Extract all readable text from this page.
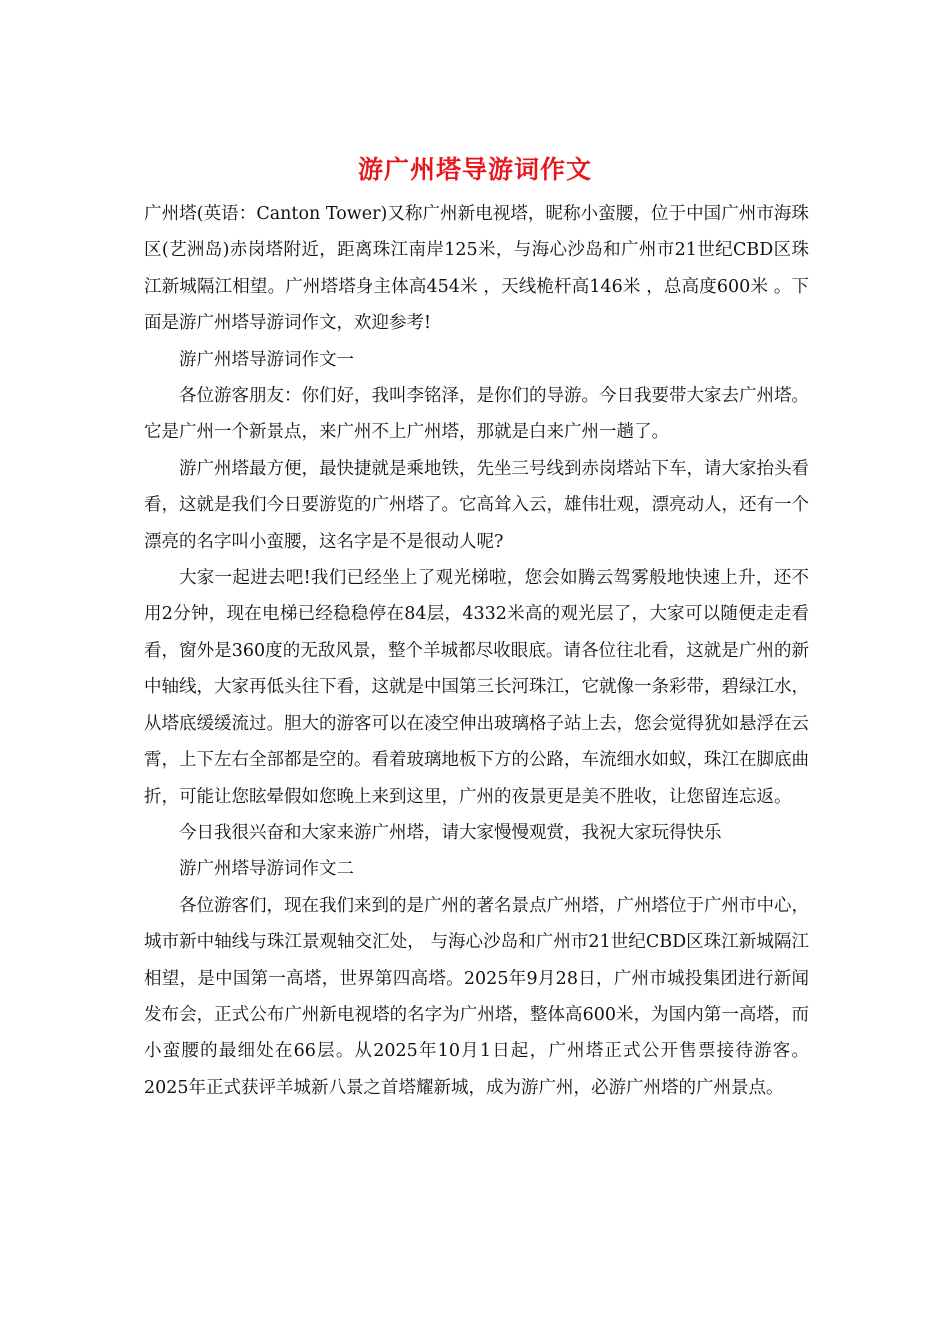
游广州塔导游词作文

广州塔(英语：Canton Tower)又称广州新电视塔，昵称小蛮腰，位于中国广州市海珠区(艺洲岛)赤岗塔附近，距离珠江南岸125米，与海心沙岛和广州市21世纪CBD区珠江新城隔江相望。广州塔塔身主体高454米 ，天线桅杆高146米 ，总高度600米 。下面是游广州塔导游词作文，欢迎参考!

游广州塔导游词作文一

各位游客朋友：你们好，我叫李铭泽，是你们的导游。今日我要带大家去广州塔。它是广州一个新景点，来广州不上广州塔，那就是白来广州一趟了。

游广州塔最方便，最快捷就是乘地铁，先坐三号线到赤岗塔站下车，请大家抬头看看，这就是我们今日要游览的广州塔了。它高耸入云，雄伟壮观，漂亮动人，还有一个漂亮的名字叫小蛮腰，这名字是不是很动人呢?

大家一起进去吧!我们已经坐上了观光梯啦，您会如腾云驾雾般地快速上升，还不用2分钟，现在电梯已经稳稳停在84层，4332米高的观光层了，大家可以随便走走看看，窗外是360度的无敌风景，整个羊城都尽收眼底。请各位往北看，这就是广州的新中轴线，大家再低头往下看，这就是中国第三长河珠江，它就像一条彩带，碧绿江水，从塔底缓缓流过。胆大的游客可以在凌空伸出玻璃格子站上去，您会觉得犹如悬浮在云霄，上下左右全部都是空的。看着玻璃地板下方的公路，车流细水如蚁，珠江在脚底曲折，可能让您眩晕假如您晚上来到这里，广州的夜景更是美不胜收，让您留连忘返。

今日我很兴奋和大家来游广州塔，请大家慢慢观赏，我祝大家玩得快乐

游广州塔导游词作文二

各位游客们，现在我们来到的是广州的著名景点广州塔，广州塔位于广州市中心，城市新中轴线与珠江景观轴交汇处， 与海心沙岛和广州市21世纪CBD区珠江新城隔江相望，是中国第一高塔，世界第四高塔。2025年9月28日，广州市城投集团进行新闻发布会，正式公布广州新电视塔的名字为广州塔，整体高600米，为国内第一高塔，而小蛮腰的最细处在66层。从2025年10月1日起，广州塔正式公开售票接待游客。2025年正式获评羊城新八景之首塔耀新城，成为游广州，必游广州塔的广州景点。
